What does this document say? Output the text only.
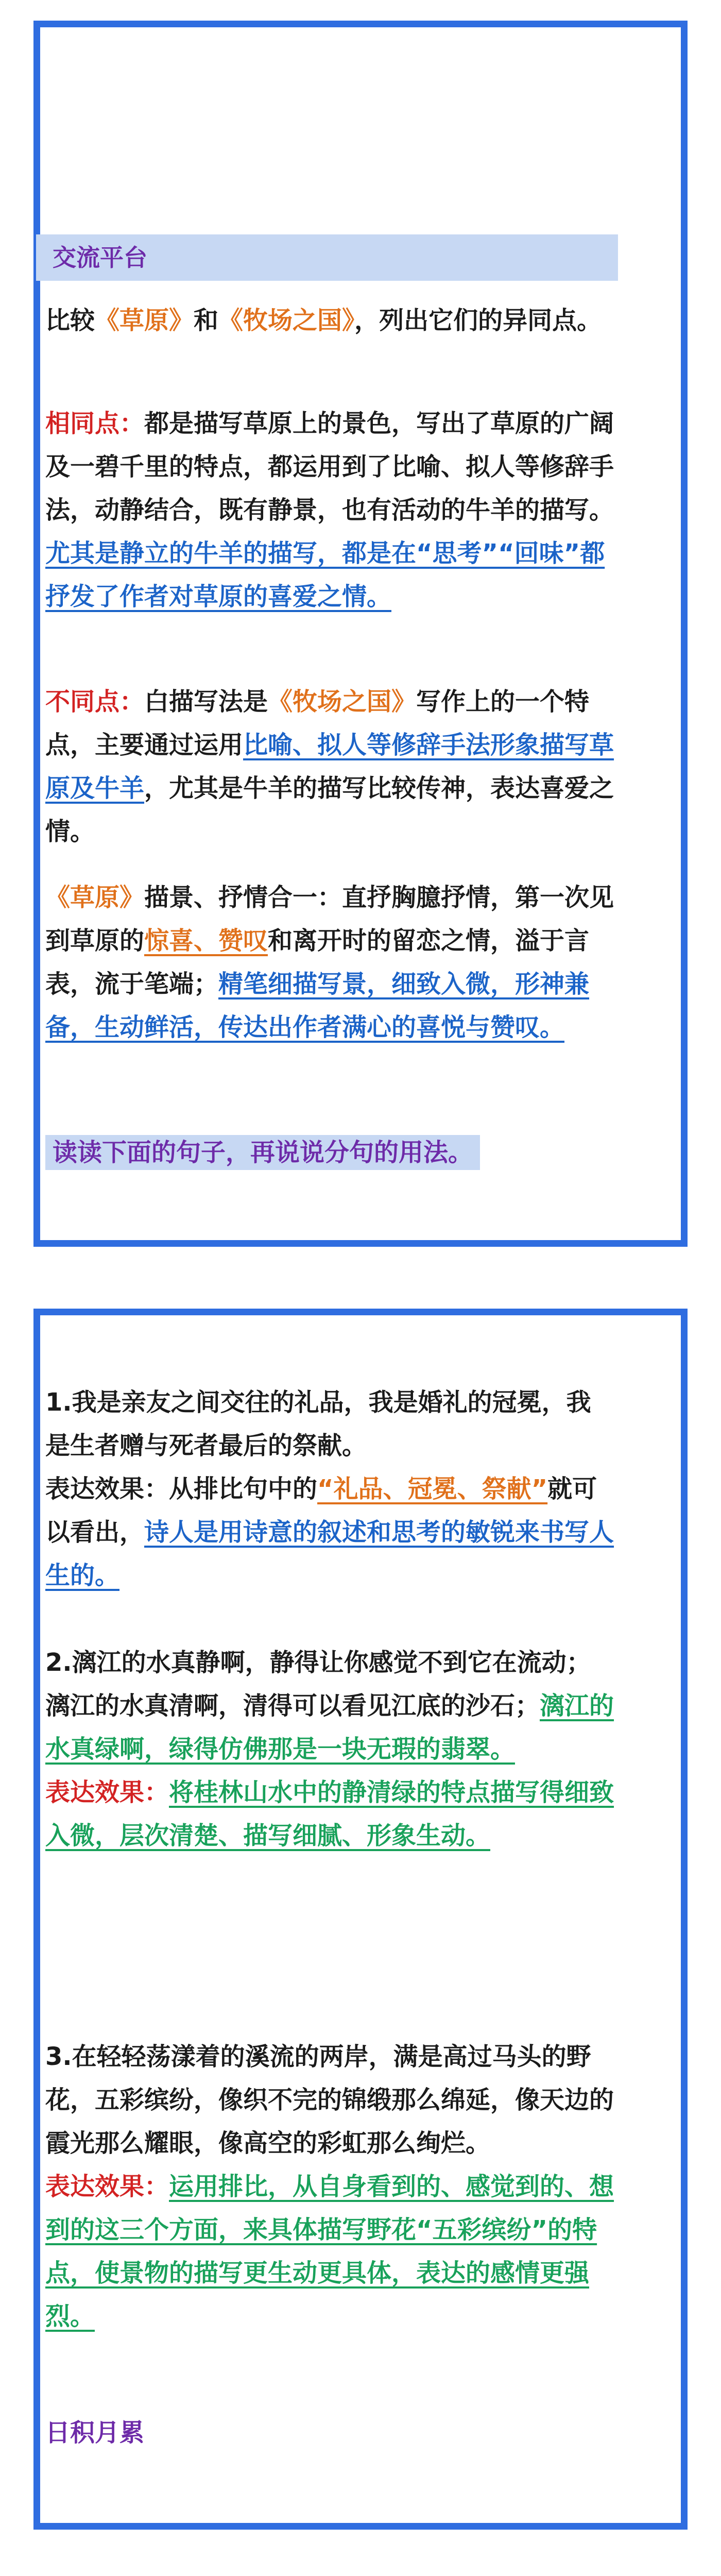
交流平台
比较《草原》和《牧场之国》，列出它们的异同点。
相同点：都是描写草原上的景色，写出了草原的广阔及一碧千里的特点，都运用到了比喻、拟人等修辞手法，动静结合，既有静景，也有活动的牛羊的描写。尤其是静立的牛羊的描写，都是在“思考”“回味”都抒发了作者对草原的喜爱之情。
不同点：白描写法是《牧场之国》写作上的一个特点，主要通过运用比喻、拟人等修辞手法形象描写草原及牛羊，尤其是牛羊的描写比较传神，表达喜爱之情。
《草原》描景、抒情合一：直抒胸臆抒情，第一次见到草原的惊喜、赞叹和离开时的留恋之情，溢于言表，流于笔端；精笔细描写景，细致入微，形神兼备，生动鲜活，传达出作者满心的喜悦与赞叹。
读读下面的句子，再说说分句的用法。

1.我是亲友之间交往的礼品，我是婚礼的冠冕，我是生者赠与死者最后的祭献。

表达效果：从排比句中的“礼品、冠冕、祭献”就可以看出，诗人是用诗意的叙述和思考的敏锐来书写人生的。

2.漓江的水真静啊，静得让你感觉不到它在流动；漓江的水真清啊，清得可以看见江底的沙石；漓江的水真绿啊，绿得仿佛那是一块无瑕的翡翠。

表达效果：将桂林山水中的静清绿的特点描写得细致入微，层次清楚、描写细腻、形象生动。

3.在轻轻荡漾着的溪流的两岸，满是高过马头的野花，五彩缤纷，像织不完的锦缎那么绵延，像天边的霞光那么耀眼，像高空的彩虹那么绚烂。

表达效果：运用排比，从自身看到的、感觉到的、想到的这三个方面，来具体描写野花“五彩缤纷”的特点，使景物的描写更生动更具体，表达的感情更强烈。

日积月累
